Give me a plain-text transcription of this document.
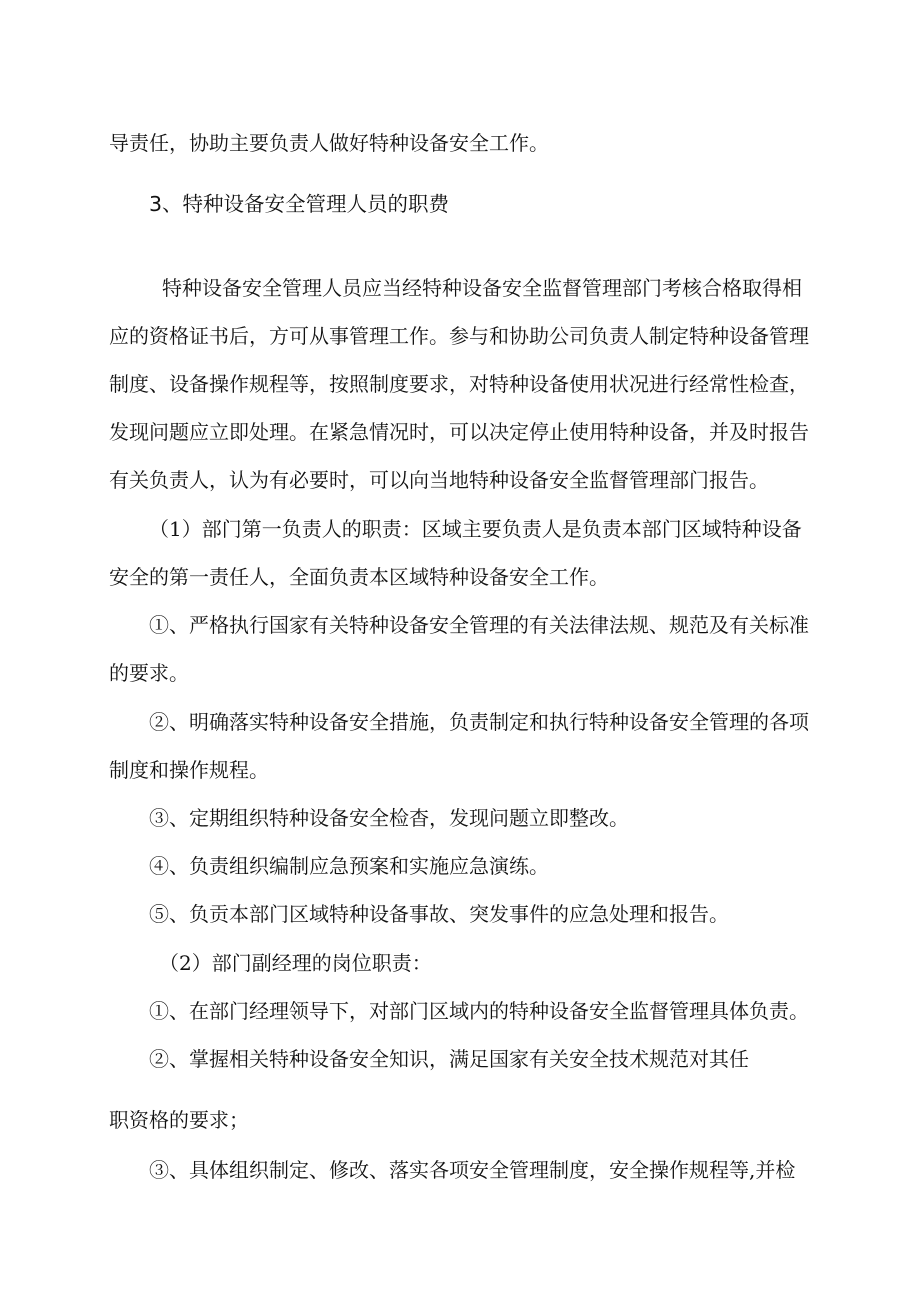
导责任，协助主要负责人做好特种设备安全工作。

3、特种设备安全管理人员的职费

特种设备安全管理人员应当经特种设备安全监督管理部门考核合格取得相

应的资格证书后，方可从事管理工作。参与和协助公司负责人制定特种设备管理

制度、设备操作规程等，按照制度要求，对特种设备使用状况进行经常性检查，

发现问题应立即处理。在紧急情况时，可以决定停止使用特种设备，并及时报告

有关负责人，认为有必要时，可以向当地特种设备安全监督管理部门报告。

（1）部门第一负责人的职责：区域主要负责人是负责本部门区域特种设备

安全的第一责任人，全面负责本区域特种设备安全工作。

①、严格执行国家有关特种设备安全管理的有关法律法规、规范及有关标准

的要求。

②、明确落实特种设备安全措施，负责制定和执行特种设备安全管理的各项

制度和操作规程。

③、定期组织特种设备安全检杳，发现问题立即整改。

④、负责组织编制应急预案和实施应急演练。

⑤、负贡本部门区域特种设备事故、突发事件的应急处理和报告。

（2）部门副经理的岗位职责：

①、在部门经理领导下，对部门区域内的特种设备安全监督管理具体负责。

②、掌握相关特种设备安全知识，满足国家有关安全技术规范对其任

职资格的要求；

③、具体组织制定、修改、落实各项安全管理制度，安全操作规程等,并检
